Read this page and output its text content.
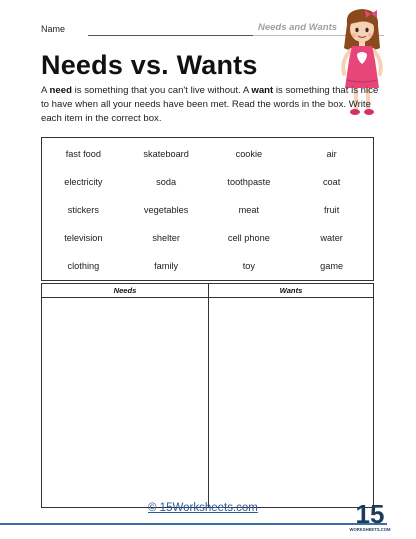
Name	Needs and Wants
Needs vs. Wants

A need is something that you can't live without. A want is something that is nice to have when all your needs have been met. Read the words in the box. Write each item in the correct box.

fast food	skateboard	cookie	air
electricity	soda	toothpaste	coat
stickers	vegetables	meat	fruit
television	shelter	cell phone	water
clothing	family	toy	game
Needs	Wants
© 15Worksheets.com	15
WORKSHEETS.COM
